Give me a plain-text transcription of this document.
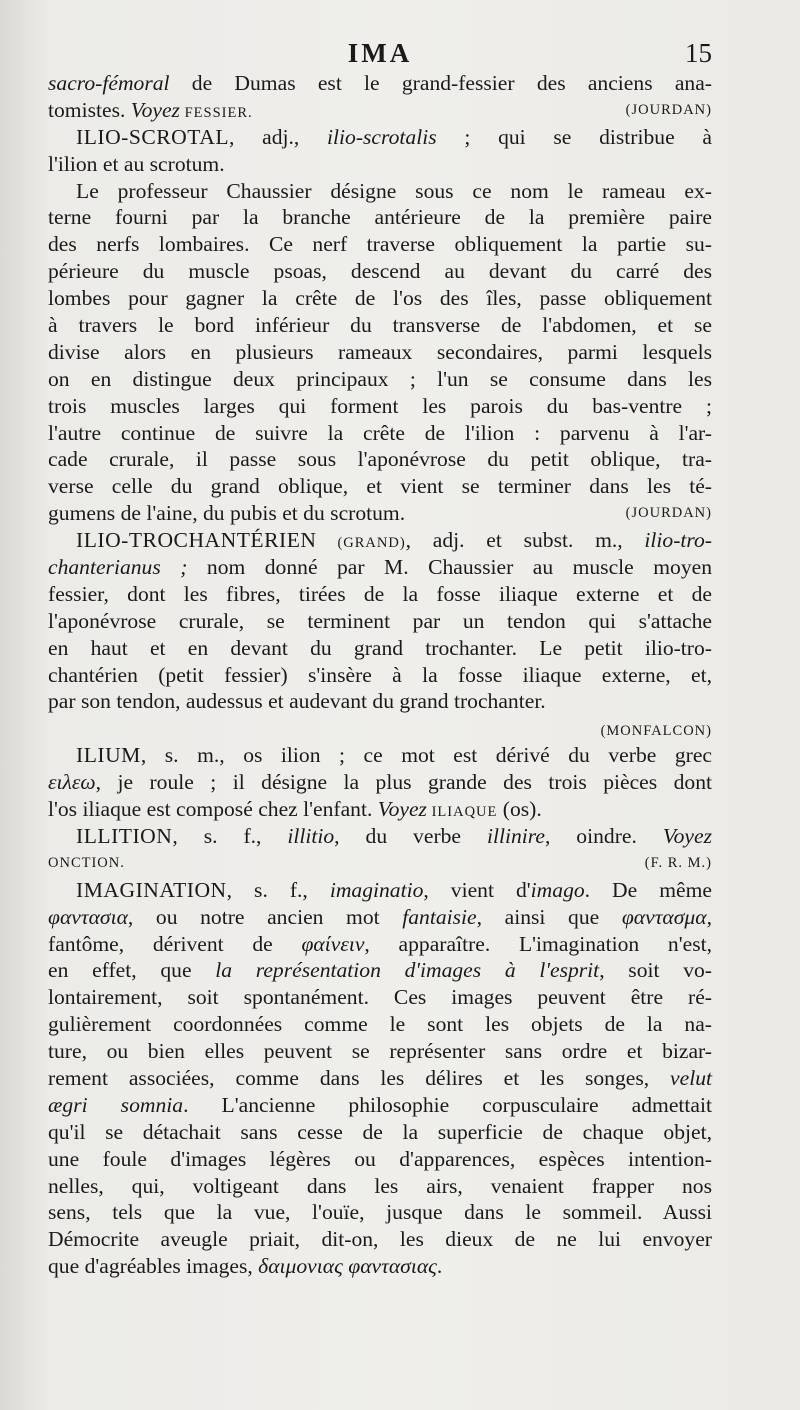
IMA	15
sacro-fémoral de Dumas est le grand-fessier des anciens ana-
tomistes. Voyez FESSIER.	(JOURDAN)
ILIO-SCROTAL, adj., ilio-scrotalis ; qui se distribue à
l'ilion et au scrotum.
Le professeur Chaussier désigne sous ce nom le rameau ex-
terne fourni par la branche antérieure de la première paire
des nerfs lombaires. Ce nerf traverse obliquement la partie su-
périeure du muscle psoas, descend au devant du carré des
lombes pour gagner la crête de l'os des îles, passe obliquement
à travers le bord inférieur du transverse de l'abdomen, et se
divise alors en plusieurs rameaux secondaires, parmi lesquels
on en distingue deux principaux ; l'un se consume dans les
trois muscles larges qui forment les parois du bas-ventre ;
l'autre continue de suivre la crête de l'ilion : parvenu à l'ar-
cade crurale, il passe sous l'aponévrose du petit oblique, tra-
verse celle du grand oblique, et vient se terminer dans les té-
gumens de l'aine, du pubis et du scrotum.	(JOURDAN)
ILIO-TROCHANTÉRIEN (GRAND), adj. et subst. m., ilio-tro-
chanterianus ; nom donné par M. Chaussier au muscle moyen
fessier, dont les fibres, tirées de la fosse iliaque externe et de
l'aponévrose crurale, se terminent par un tendon qui s'attache
en haut et en devant du grand trochanter. Le petit ilio-tro-
chantérien (petit fessier) s'insère à la fosse iliaque externe, et,
par son tendon, audessus et audevant du grand trochanter.
(MONFALCON)
ILIUM, s. m., os ilion ; ce mot est dérivé du verbe grec
ειλεω, je roule ; il désigne la plus grande des trois pièces dont
l'os iliaque est composé chez l'enfant. Voyez ILIAQUE (os).
ILLITION, s. f., illitio, du verbe illinire, oindre. Voyez
ONCTION.	(F. R. M.)
IMAGINATION, s. f., imaginatio, vient d'imago. De même
φαντασια, ou notre ancien mot fantaisie, ainsi que φαντασμα,
fantôme, dérivent de φαίνειν, apparaître. L'imagination n'est,
en effet, que la représentation d'images à l'esprit, soit vo-
lontairement, soit spontanément. Ces images peuvent être ré-
gulièrement coordonnées comme le sont les objets de la na-
ture, ou bien elles peuvent se représenter sans ordre et bizar-
rement associées, comme dans les délires et les songes, velut
ægri somnia. L'ancienne philosophie corpusculaire admettait
qu'il se détachait sans cesse de la superficie de chaque objet,
une foule d'images légères ou d'apparences, espèces intention-
nelles, qui, voltigeant dans les airs, venaient frapper nos
sens, tels que la vue, l'ouïe, jusque dans le sommeil. Aussi
Démocrite aveugle priait, dit-on, les dieux de ne lui envoyer
que d'agréables images, δαιμονιας φαντασιας.
